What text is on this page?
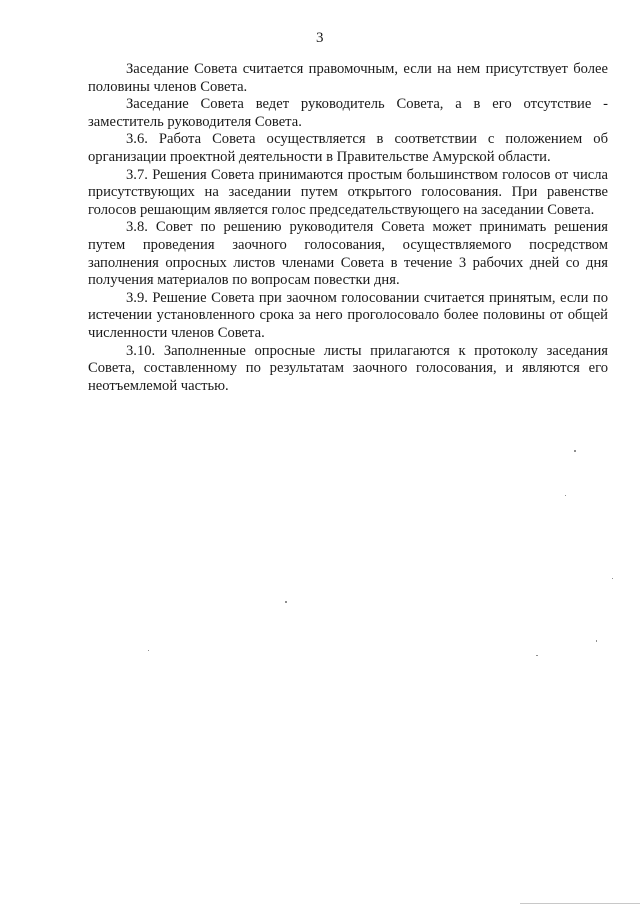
3

Заседание Совета считается правомочным, если на нем присутствует более половины членов Совета.

Заседание Совета ведет руководитель Совета, а в его отсутствие - заместитель руководителя Совета.

3.6. Работа Совета осуществляется в соответствии с положением об организации проектной деятельности в Правительстве Амурской области.

3.7. Решения Совета принимаются простым большинством голосов от числа присутствующих на заседании путем открытого голосования. При равенстве голосов решающим является голос председательствующего на заседании Совета.

3.8. Совет по решению руководителя Совета может принимать решения путем проведения заочного голосования, осуществляемого посредством заполнения опросных листов членами Совета в течение 3 рабочих дней со дня получения материалов по вопросам повестки дня.

3.9. Решение Совета при заочном голосовании считается принятым, если по истечении установленного срока за него проголосовало более половины от общей численности членов Совета.

3.10. Заполненные опросные листы прилагаются к протоколу заседания Совета, составленному по результатам заочного голосования, и являются его неотъемлемой частью.
